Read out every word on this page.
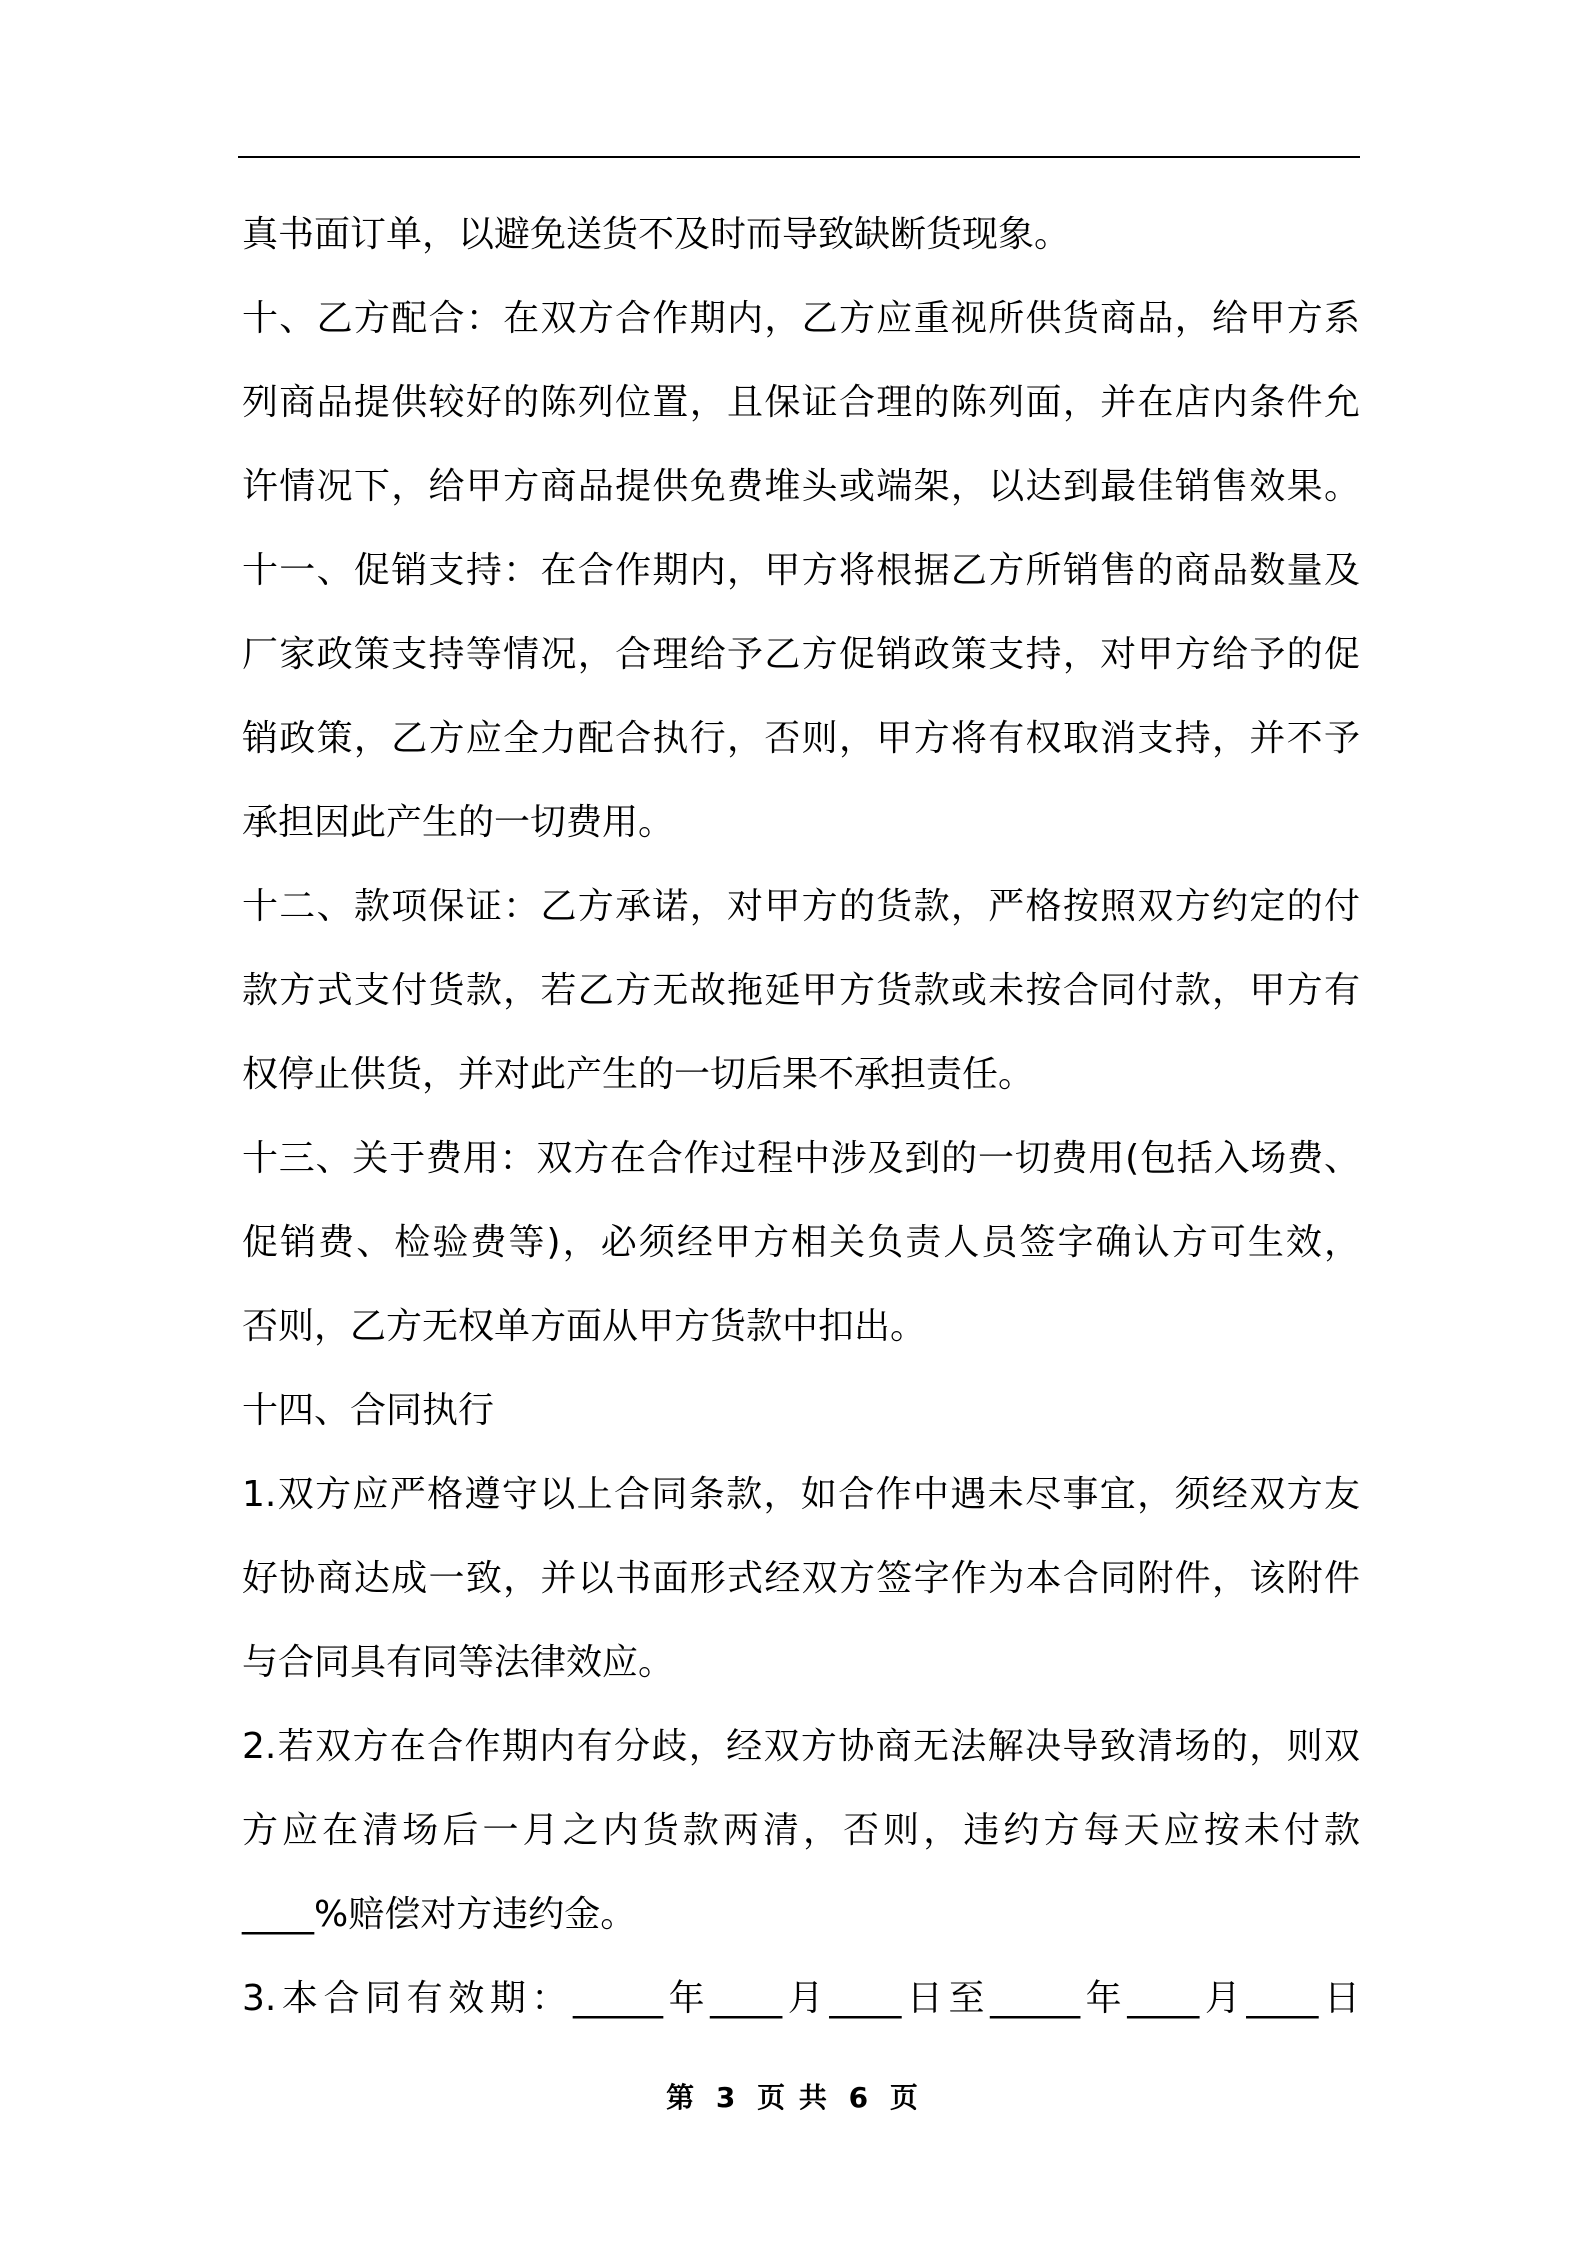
真书面订单，以避免送货不及时而导致缺断货现象。
十、乙方配合：在双方合作期内，乙方应重视所供货商品，给甲方系
列商品提供较好的陈列位置，且保证合理的陈列面，并在店内条件允
许情况下，给甲方商品提供免费堆头或端架，以达到最佳销售效果。
十一、促销支持：在合作期内，甲方将根据乙方所销售的商品数量及
厂家政策支持等情况，合理给予乙方促销政策支持，对甲方给予的促
销政策，乙方应全力配合执行，否则，甲方将有权取消支持，并不予
承担因此产生的一切费用。
十二、款项保证：乙方承诺，对甲方的货款，严格按照双方约定的付
款方式支付货款，若乙方无故拖延甲方货款或未按合同付款，甲方有
权停止供货，并对此产生的一切后果不承担责任。
十三、关于费用：双方在合作过程中涉及到的一切费用(包括入场费、
促销费、检验费等)，必须经甲方相关负责人员签字确认方可生效，
否则，乙方无权单方面从甲方货款中扣出。
十四、合同执行
1.双方应严格遵守以上合同条款，如合作中遇未尽事宜，须经双方友
好协商达成一致，并以书面形式经双方签字作为本合同附件，该附件
与合同具有同等法律效应。
2.若双方在合作期内有分歧，经双方协商无法解决导致清场的，则双
方应在清场后一月之内货款两清，否则，违约方每天应按未付款
____%赔偿对方违约金。
3.本合同有效期：_____年____月____日至_____年____月____日
第 3 页 共 6 页
